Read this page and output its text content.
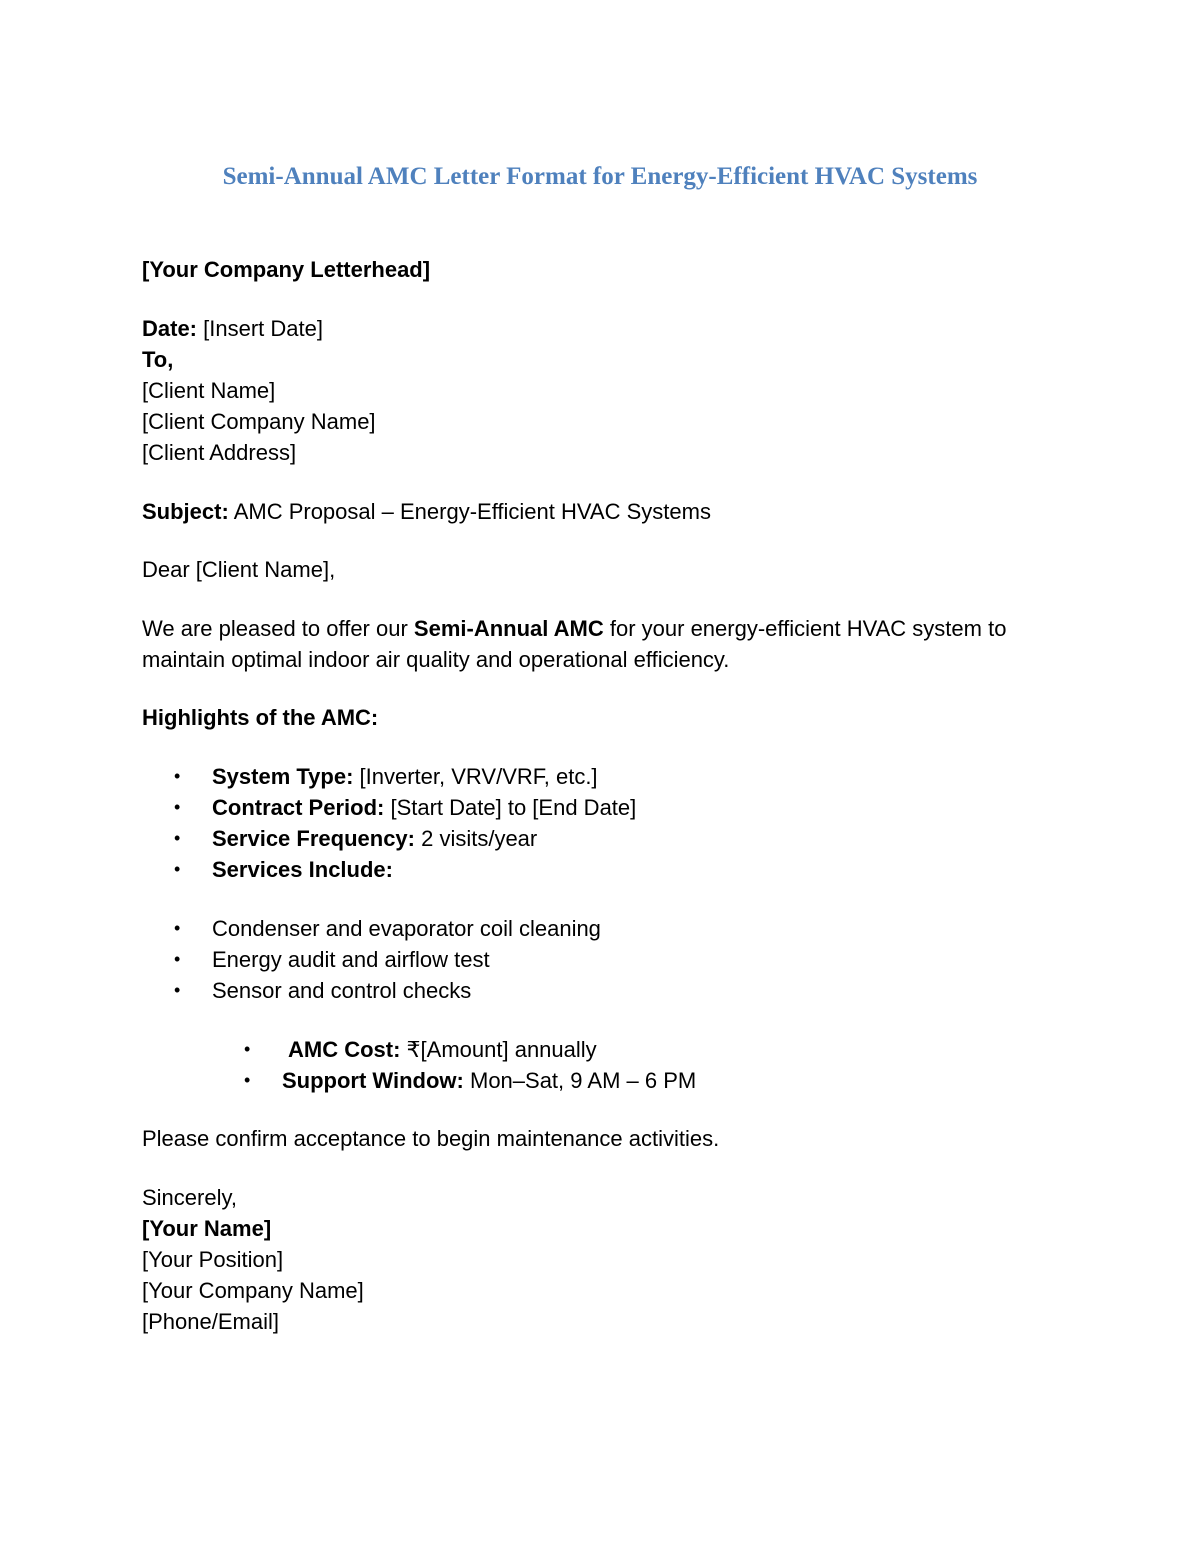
Semi-Annual AMC Letter Format for Energy-Efficient HVAC Systems
[Your Company Letterhead]
Date: [Insert Date]
To,
[Client Name]
[Client Company Name]
[Client Address]
Subject: AMC Proposal – Energy-Efficient HVAC Systems
Dear [Client Name],
We are pleased to offer our Semi-Annual AMC for your energy-efficient HVAC system to
maintain optimal indoor air quality and operational efficiency.
Highlights of the AMC:
• System Type: [Inverter, VRV/VRF, etc.]
• Contract Period: [Start Date] to [End Date]
• Service Frequency: 2 visits/year
• Services Include:
• Condenser and evaporator coil cleaning
• Energy audit and airflow test
• Sensor and control checks
• AMC Cost: ₹[Amount] annually
• Support Window: Mon–Sat, 9 AM – 6 PM
Please confirm acceptance to begin maintenance activities.
Sincerely,
[Your Name]
[Your Position]
[Your Company Name]
[Phone/Email]
